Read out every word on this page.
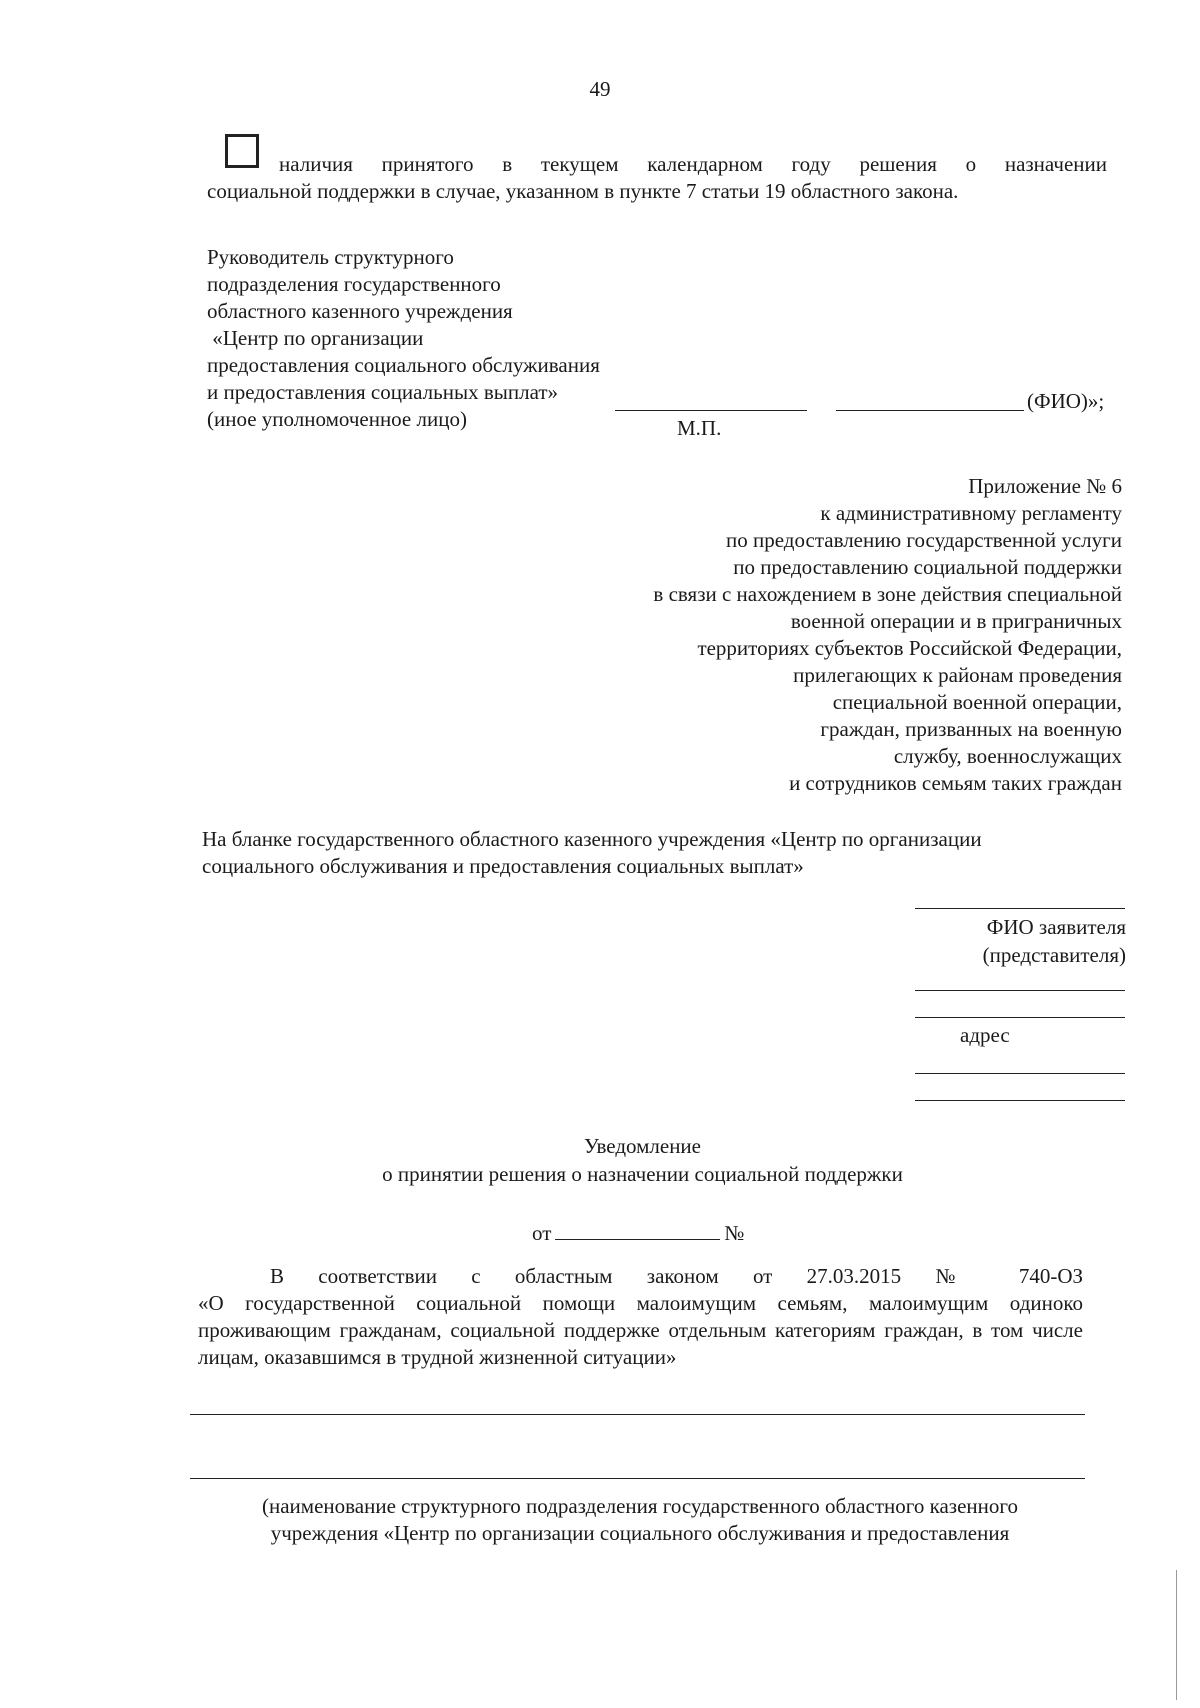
49
наличия принятого в текущем календарном году решения о назначении
социальной поддержки в случае, указанном в пункте 7 статьи 19 областного закона.
Руководитель структурного
подразделения государственного
областного казенного учреждения
«Центр по организации
предоставления социального обслуживания
и предоставления социальных выплат»
(иное уполномоченное лицо)
(ФИО)»;
М.П.
Приложение № 6
к административному регламенту
по предоставлению государственной услуги
по предоставлению социальной поддержки
в связи с нахождением в зоне действия специальной
военной операции и в приграничных
территориях субъектов Российской Федерации,
прилегающих к районам проведения
специальной военной операции,
граждан, призванных на военную
службу, военнослужащих
и сотрудников семьям таких граждан
На бланке государственного областного казенного учреждения «Центр по организации
социального обслуживания и предоставления социальных выплат»
ФИО заявителя
(представителя)
адрес
Уведомление
о принятии решения о назначении социальной поддержки
от	№
В соответствии с областным законом от 27.03.2015 № 740-ОЗ
«О государственной социальной помощи малоимущим семьям, малоимущим одиноко проживающим гражданам, социальной поддержке отдельным категориям граждан, в том числе лицам, оказавшимся в трудной жизненной ситуации»
(наименование структурного подразделения государственного областного казенного
учреждения «Центр по организации социального обслуживания и предоставления
